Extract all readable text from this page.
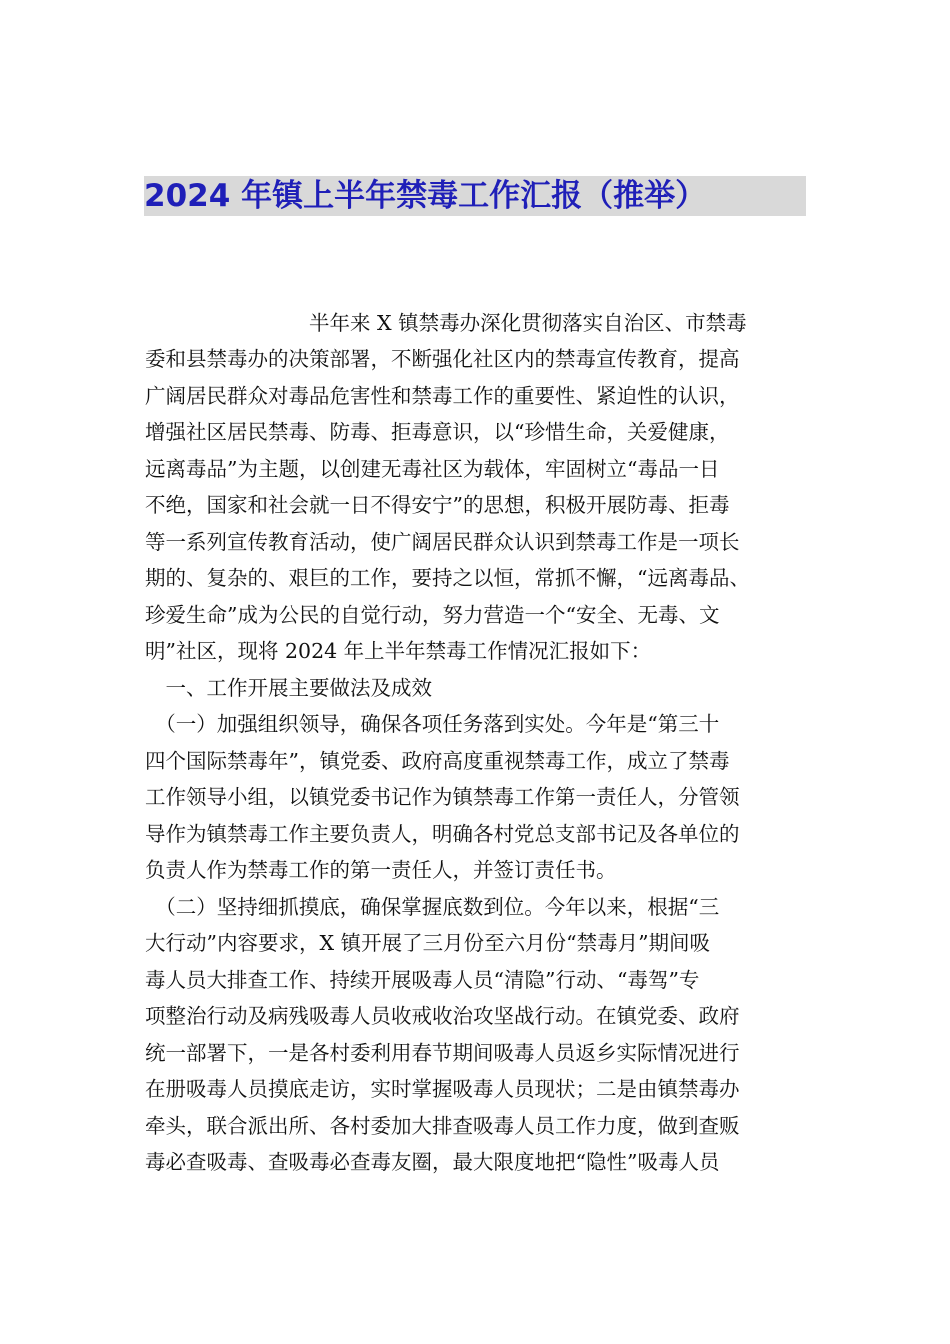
2024 年镇上半年禁毒工作汇报（推举）
　　　　　　　　半年来 X 镇禁毒办深化贯彻落实自治区、市禁毒
委和县禁毒办的决策部署，不断强化社区内的禁毒宣传教育，提高
广阔居民群众对毒品危害性和禁毒工作的重要性、紧迫性的认识，
增强社区居民禁毒、防毒、拒毒意识，以“珍惜生命，关爱健康，
远离毒品”为主题，以创建无毒社区为载体，牢固树立“毒品一日
不绝，国家和社会就一日不得安宁”的思想，积极开展防毒、拒毒
等一系列宣传教育活动，使广阔居民群众认识到禁毒工作是一项长
期的、复杂的、艰巨的工作，要持之以恒，常抓不懈，“远离毒品、
珍爱生命”成为公民的自觉行动，努力营造一个“安全、无毒、文
明”社区，现将 2024 年上半年禁毒工作情况汇报如下：
　一、工作开展主要做法及成效
　（一）加强组织领导，确保各项任务落到实处。今年是“第三十
四个国际禁毒年”，镇党委、政府高度重视禁毒工作，成立了禁毒
工作领导小组，以镇党委书记作为镇禁毒工作第一责任人，分管领
导作为镇禁毒工作主要负责人，明确各村党总支部书记及各单位的
负责人作为禁毒工作的第一责任人，并签订责任书。
　（二）坚持细抓摸底，确保掌握底数到位。今年以来，根据“三
大行动”内容要求，X 镇开展了三月份至六月份“禁毒月”期间吸
毒人员大排查工作、持续开展吸毒人员“清隐”行动、“毒驾”专
项整治行动及病残吸毒人员收戒收治攻坚战行动。在镇党委、政府
统一部署下，一是各村委利用春节期间吸毒人员返乡实际情况进行
在册吸毒人员摸底走访，实时掌握吸毒人员现状；二是由镇禁毒办
牵头，联合派出所、各村委加大排查吸毒人员工作力度，做到查贩
毒必查吸毒、查吸毒必查毒友圈，最大限度地把“隐性”吸毒人员
